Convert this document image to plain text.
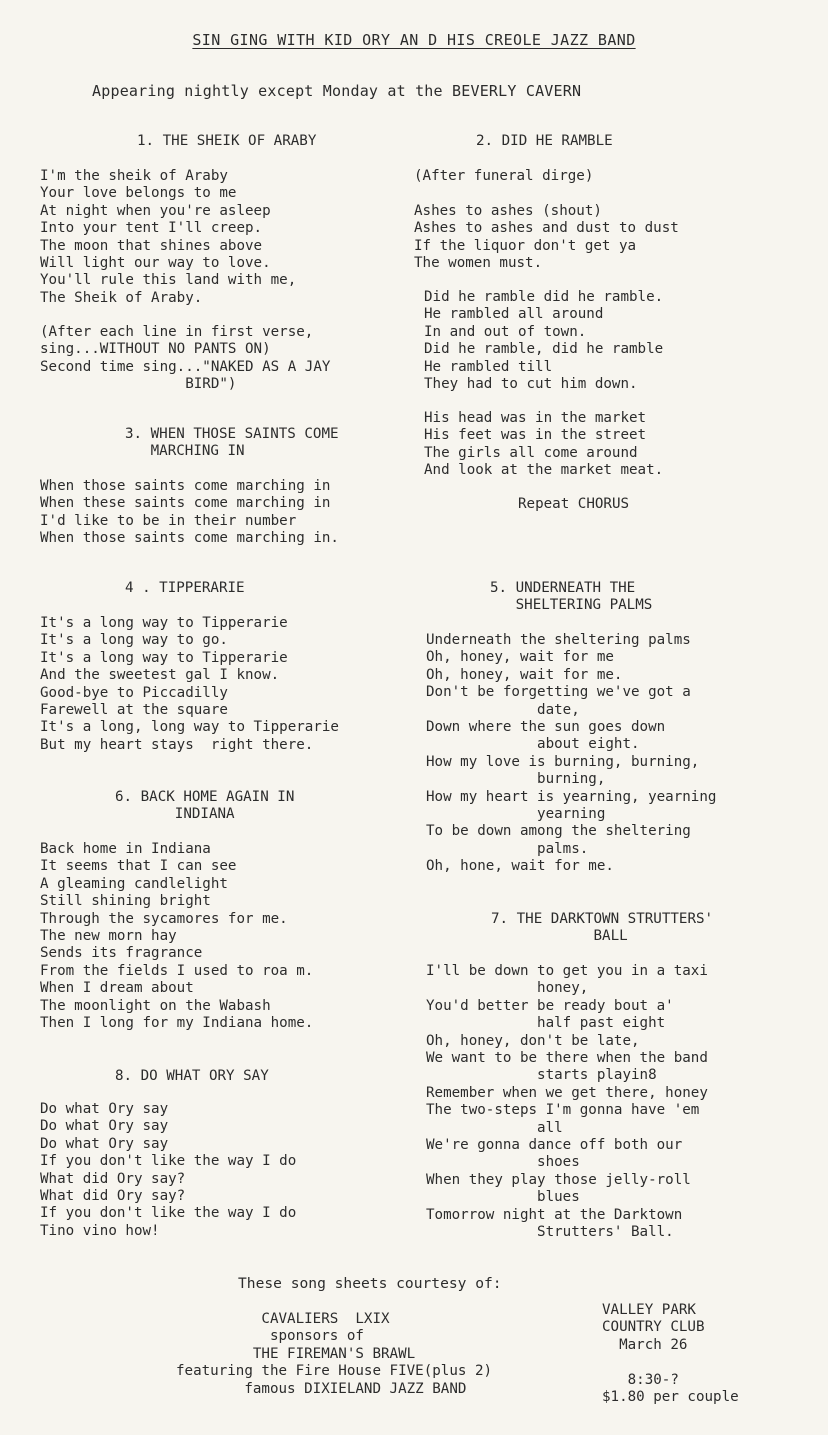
SIN GING WITH KID ORY AN D HIS CREOLE JAZZ BAND
Appearing nightly except Monday at the BEVERLY CAVERN
1. THE SHEIK OF ARABY
I'm the sheik of Araby
Your love belongs to me
At night when you're asleep
Into your tent I'll creep.
The moon that shines above
Will light our way to love.
You'll rule this land with me,
The Sheik of Araby.
(After each line in first verse,
sing...WITHOUT NO PANTS ON)
Second time sing..."NAKED AS A JAY
BIRD")
2. DID HE RAMBLE
(After funeral dirge)
Ashes to ashes (shout)
Ashes to ashes and dust to dust
If the liquor don't get ya
The women must.
Did he ramble did he ramble.
He rambled all around
In and out of town.
Did he ramble, did he ramble
He rambled till
They had to cut him down.
His head was in the market
His feet was in the street
The girls all come around
And look at the market meat.
Repeat CHORUS
3. WHEN THOSE SAINTS COME
MARCHING IN
When those saints come marching in
When these saints come marching in
I'd like to be in their number
When those saints come marching in.
4 . TIPPERARIE
It's a long way to Tipperarie
It's a long way to go.
It's a long way to Tipperarie
And the sweetest gal I know.
Good-bye to Piccadilly
Farewell at the square
It's a long, long way to Tipperarie
But my heart stays  right there.
5. UNDERNEATH THE
SHELTERING PALMS
Underneath the sheltering palms
Oh, honey, wait for me
Oh, honey, wait for me.
Don't be forgetting we've got a
date,
Down where the sun goes down
about eight.
How my love is burning, burning,
burning,
How my heart is yearning, yearning
yearning
To be down among the sheltering
palms.
Oh, hone, wait for me.
6. BACK HOME AGAIN IN
INDIANA
Back home in Indiana
It seems that I can see
A gleaming candlelight
Still shining bright
Through the sycamores for me.
The new morn hay
Sends its fragrance
From the fields I used to roa m.
When I dream about
The moonlight on the Wabash
Then I long for my Indiana home.
7. THE DARKTOWN STRUTTERS'
BALL
I'll be down to get you in a taxi
honey,
You'd better be ready bout a'
half past eight
Oh, honey, don't be late,
We want to be there when the band
starts playin8
Remember when we get there, honey
The two-steps I'm gonna have 'em
all
We're gonna dance off both our
shoes
When they play those jelly-roll
blues
Tomorrow night at the Darktown
Strutters' Ball.
8. DO WHAT ORY SAY
Do what Ory say
Do what Ory say
Do what Ory say
If you don't like the way I do
What did Ory say?
What did Ory say?
If you don't like the way I do
Tino vino how!
These song sheets courtesy of:
CAVALIERS  LXIX
sponsors of
THE FIREMAN'S BRAWL
featuring the Fire House FIVE(plus 2)
famous DIXIELAND JAZZ BAND
VALLEY PARK
COUNTRY CLUB
March 26

8:30-?
$1.80 per couple
